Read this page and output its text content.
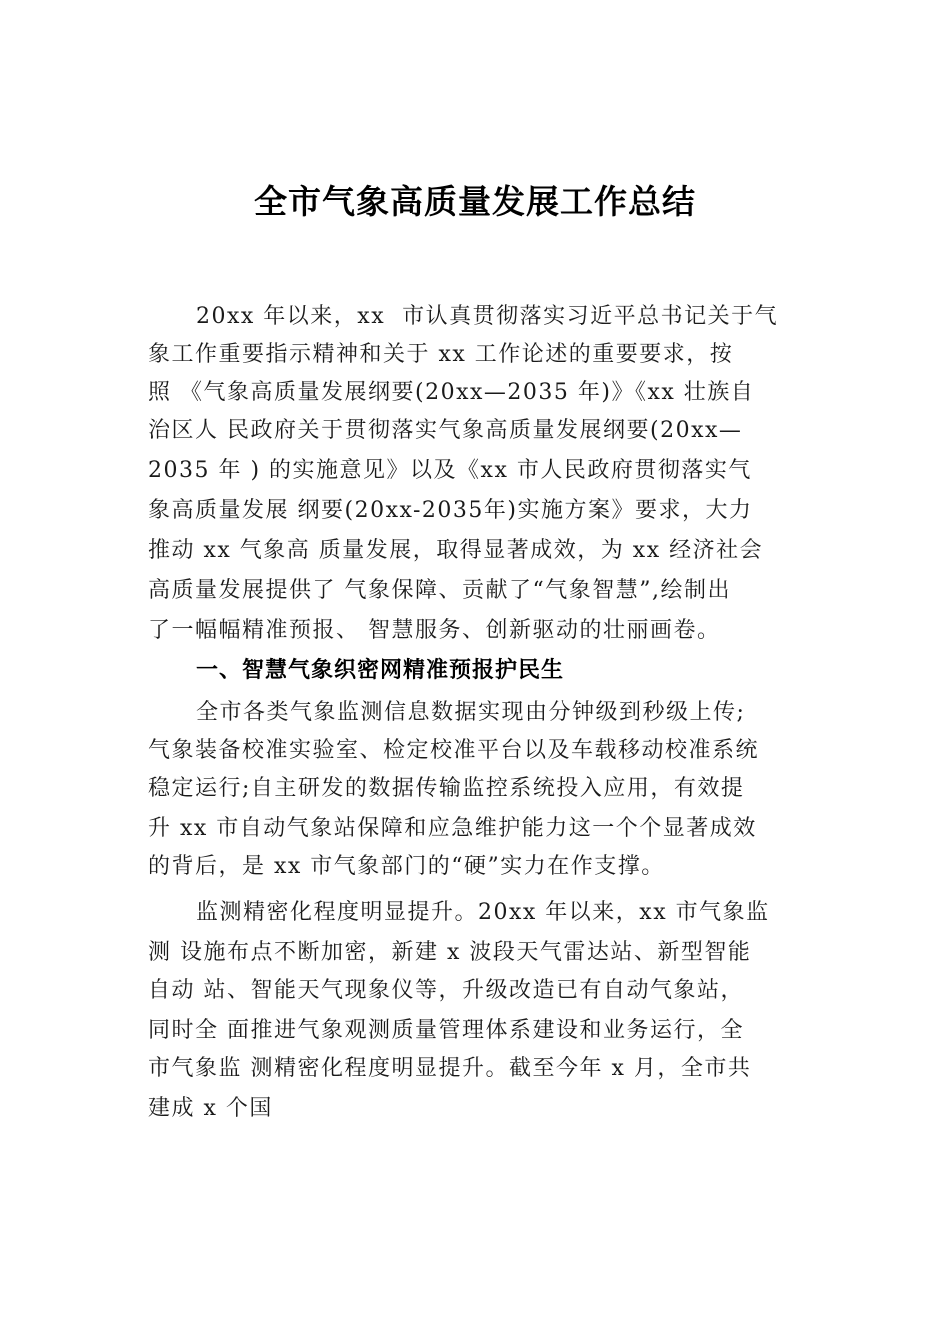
全市气象高质量发展工作总结
20xx 年以来，xx  市认真贯彻落实习近平总书记关于气
象工作重要指示精神和关于 xx 工作论述的重要要求，按
照 《气象高质量发展纲要(20xx—2035 年)》《xx 壮族自
治区人 民政府关于贯彻落实气象高质量发展纲要(20xx—
2035 年 ) 的实施意见》以及《xx 市人民政府贯彻落实气
象高质量发展 纲要(20xx-2035年)实施方案》要求，大力
推动 xx 气象高 质量发展，取得显著成效，为 xx 经济社会
高质量发展提供了 气象保障、贡献了“气象智慧”,绘制出
了一幅幅精准预报、 智慧服务、创新驱动的壮丽画卷。
一、智慧气象织密网精准预报护民生
全市各类气象监测信息数据实现由分钟级到秒级上传;
气象装备校准实验室、检定校准平台以及车载移动校准系统
稳定运行;自主研发的数据传输监控系统投入应用，有效提
升 xx 市自动气象站保障和应急维护能力这一个个显著成效
的背后，是 xx 市气象部门的“硬”实力在作支撑。
监测精密化程度明显提升。20xx 年以来，xx 市气象监
测 设施布点不断加密，新建 x 波段天气雷达站、新型智能
自动 站、智能天气现象仪等，升级改造已有自动气象站，
同时全 面推进气象观测质量管理体系建设和业务运行，全
市气象监 测精密化程度明显提升。截至今年 x 月，全市共
建成 x 个国
